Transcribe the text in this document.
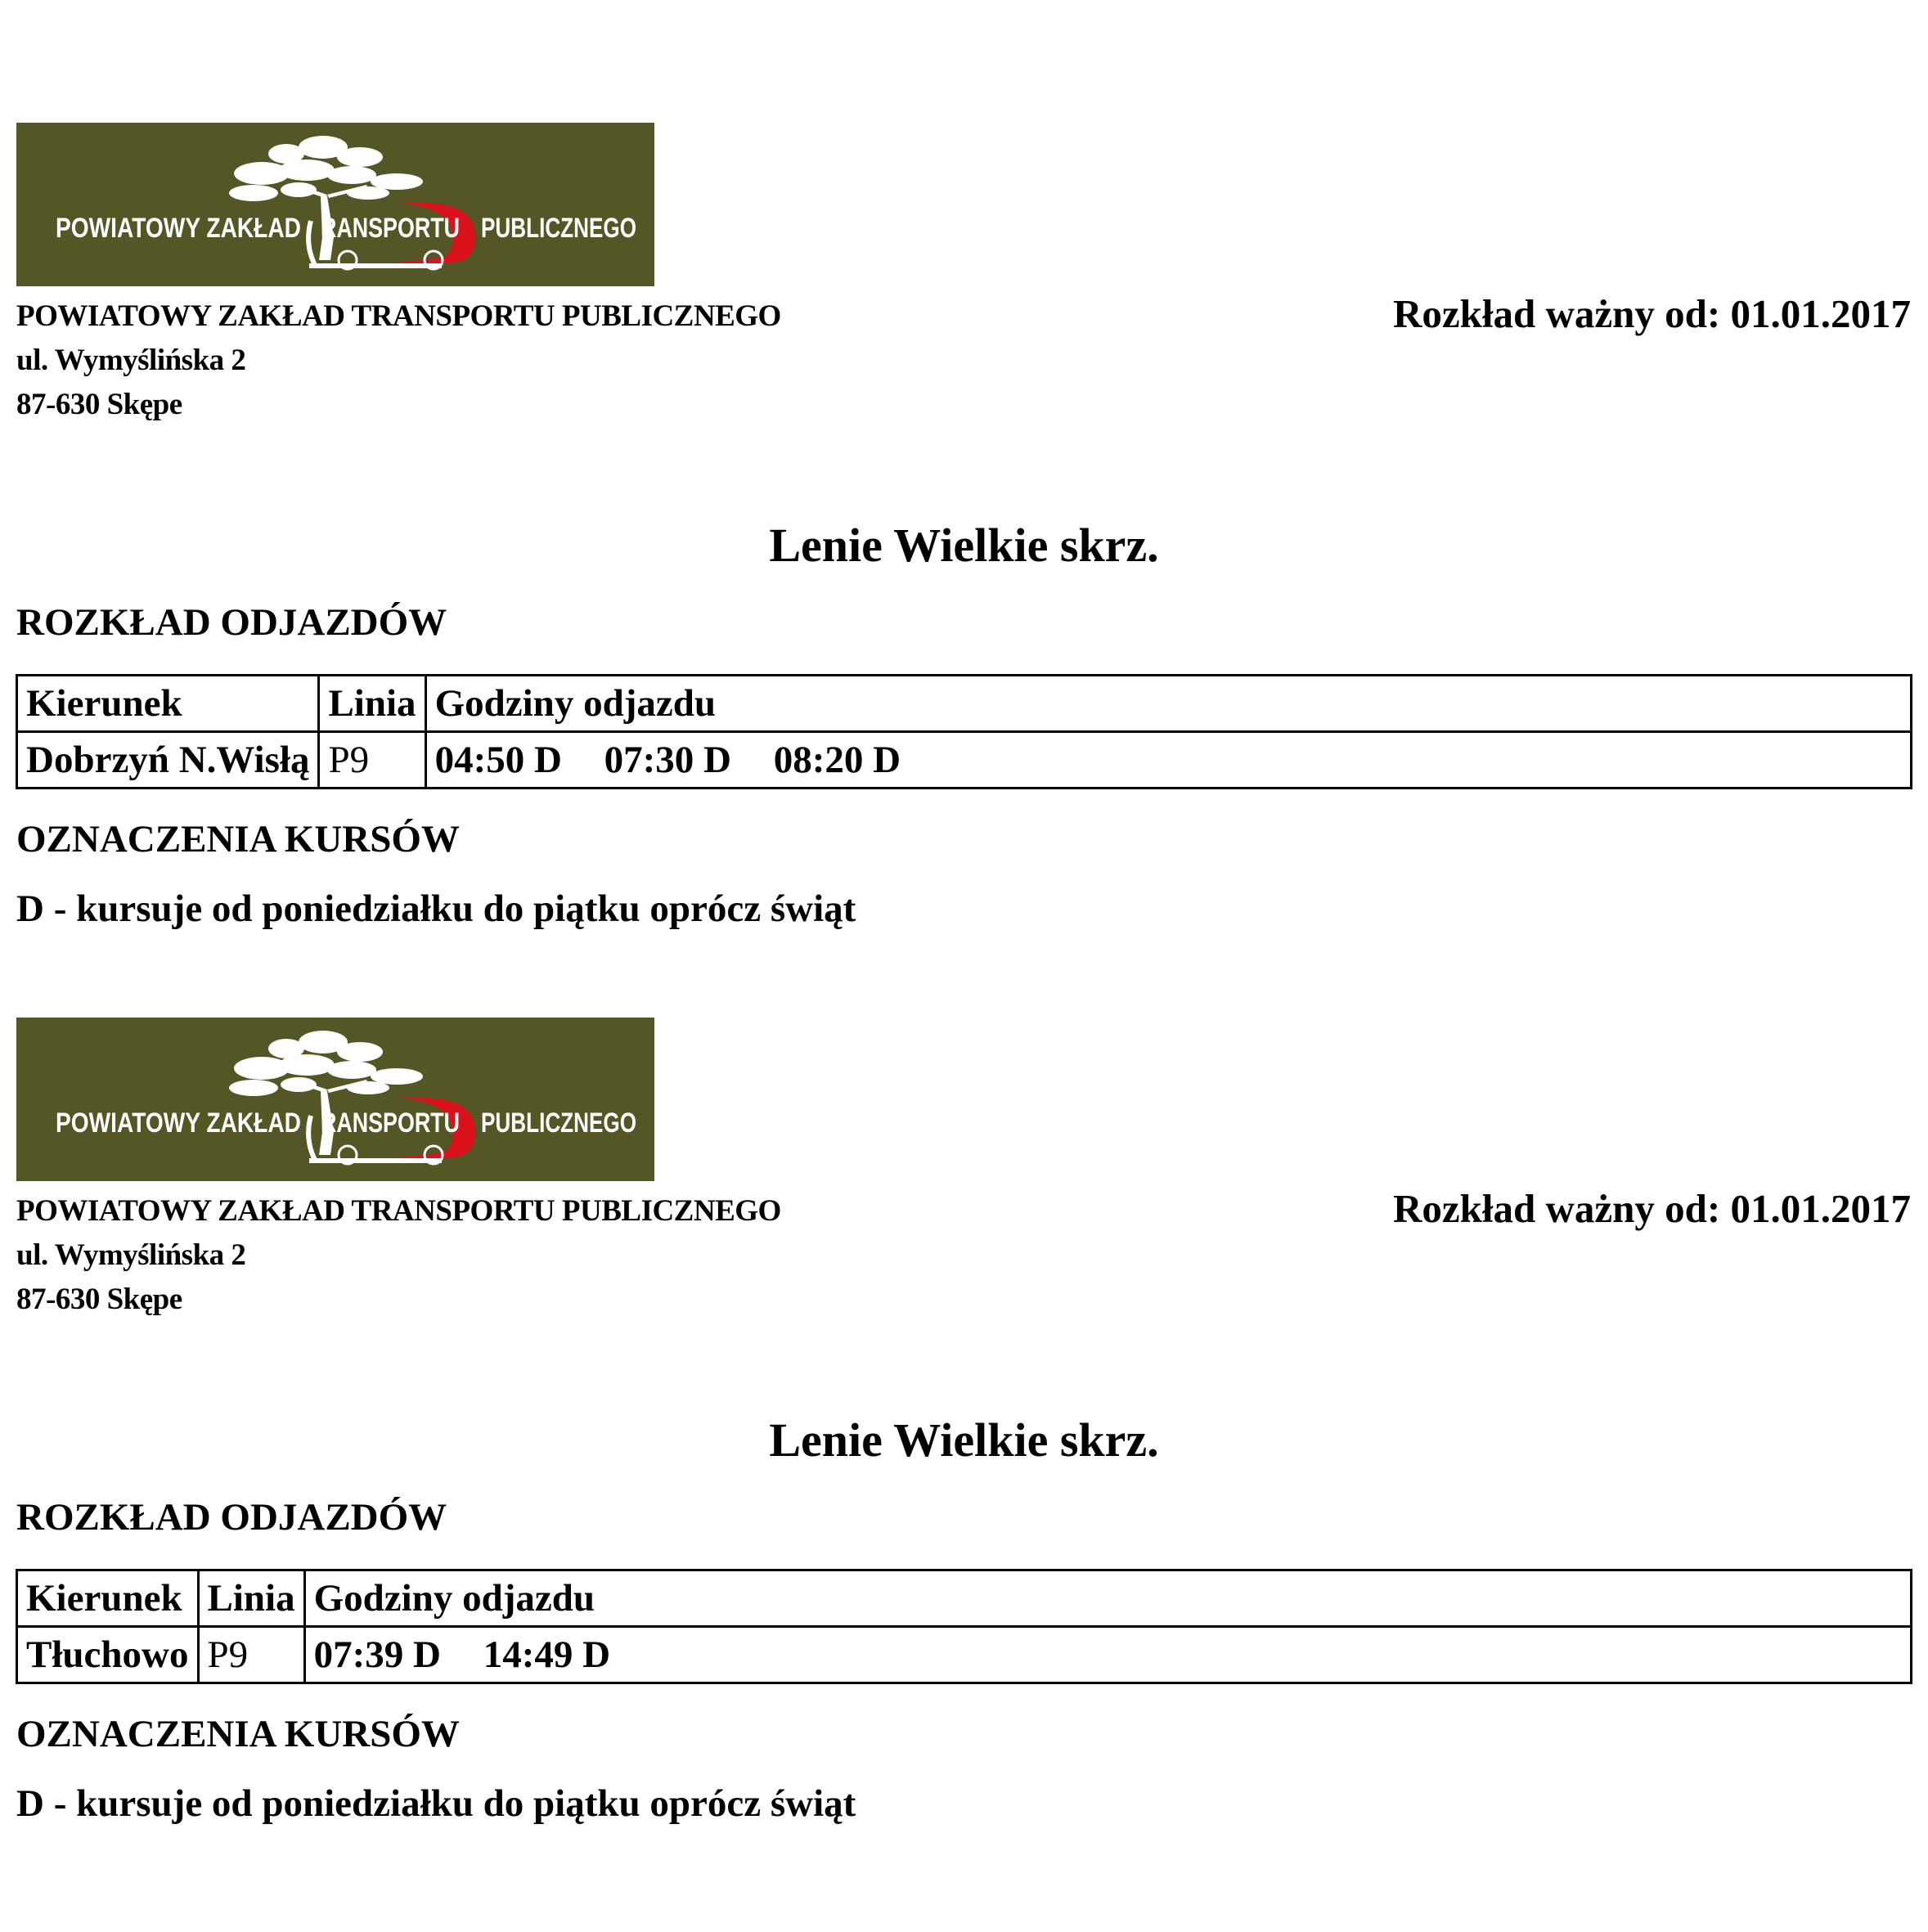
POWIATOWY ZAKŁAD RANSPORTU PUBLICZNEGO
POWIATOWY ZAKŁAD TRANSPORTU PUBLICZNEGO
ul. Wymyślińska 2
87-630 Skępe
Rozkład ważny od: 01.01.2017
Lenie Wielkie skrz.
ROZKŁAD ODJAZDÓW
Kierunek	Linia	Godziny odjazdu
Dobrzyń N.Wisłą	P9	04:50 D 07:30 D 08:20 D
OZNACZENIA KURSÓW
D - kursuje od poniedziałku do piątku oprócz świąt
POWIATOWY ZAKŁAD RANSPORTU PUBLICZNEGO
POWIATOWY ZAKŁAD TRANSPORTU PUBLICZNEGO
ul. Wymyślińska 2
87-630 Skępe
Rozkład ważny od: 01.01.2017
Lenie Wielkie skrz.
ROZKŁAD ODJAZDÓW
Kierunek	Linia	Godziny odjazdu
Tłuchowo	P9	07:39 D 14:49 D
OZNACZENIA KURSÓW
D - kursuje od poniedziałku do piątku oprócz świąt
